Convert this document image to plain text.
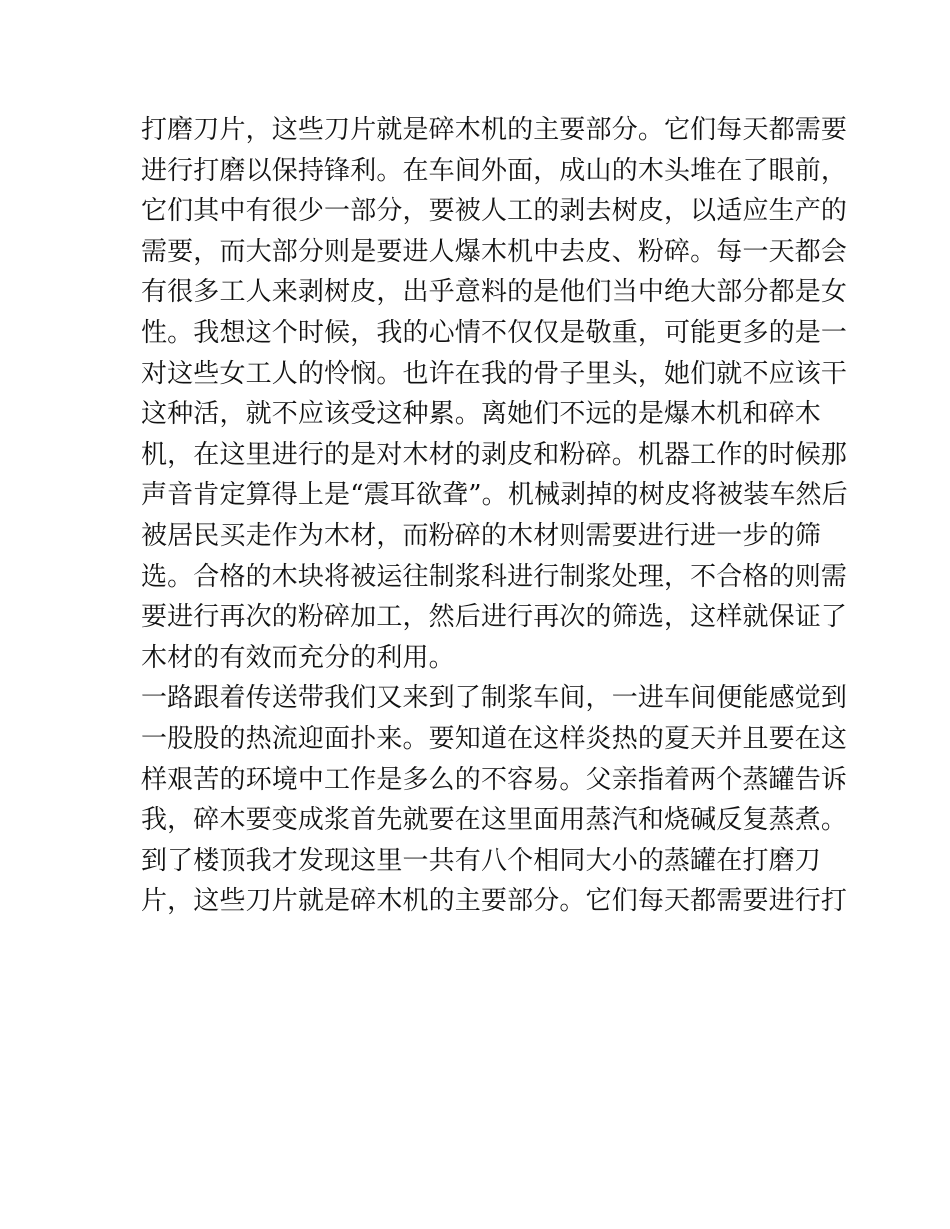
打磨刀片，这些刀片就是碎木机的主要部分。它们每天都需要
进行打磨以保持锋利。在车间外面，成山的木头堆在了眼前，
它们其中有很少一部分，要被人工的剥去树皮，以适应生产的
需要，而大部分则是要进人爆木机中去皮、粉碎。每一天都会
有很多工人来剥树皮，出乎意料的是他们当中绝大部分都是女
性。我想这个时候，我的心情不仅仅是敬重，可能更多的是一
对这些女工人的怜悯。也许在我的骨子里头，她们就不应该干
这种活，就不应该受这种累。离她们不远的是爆木机和碎木
机，在这里进行的是对木材的剥皮和粉碎。机器工作的时候那
声音肯定算得上是“震耳欲聋”。机械剥掉的树皮将被装车然后
被居民买走作为木材，而粉碎的木材则需要进行进一步的筛
选。合格的木块将被运往制浆科进行制浆处理，不合格的则需
要进行再次的粉碎加工，然后进行再次的筛选，这样就保证了
木材的有效而充分的利用。
一路跟着传送带我们又来到了制浆车间，一进车间便能感觉到
一股股的热流迎面扑来。要知道在这样炎热的夏天并且要在这
样艰苦的环境中工作是多么的不容易。父亲指着两个蒸罐告诉
我，碎木要变成浆首先就要在这里面用蒸汽和烧碱反复蒸煮。
到了楼顶我才发现这里一共有八个相同大小的蒸罐在打磨刀
片，这些刀片就是碎木机的主要部分。它们每天都需要进行打
